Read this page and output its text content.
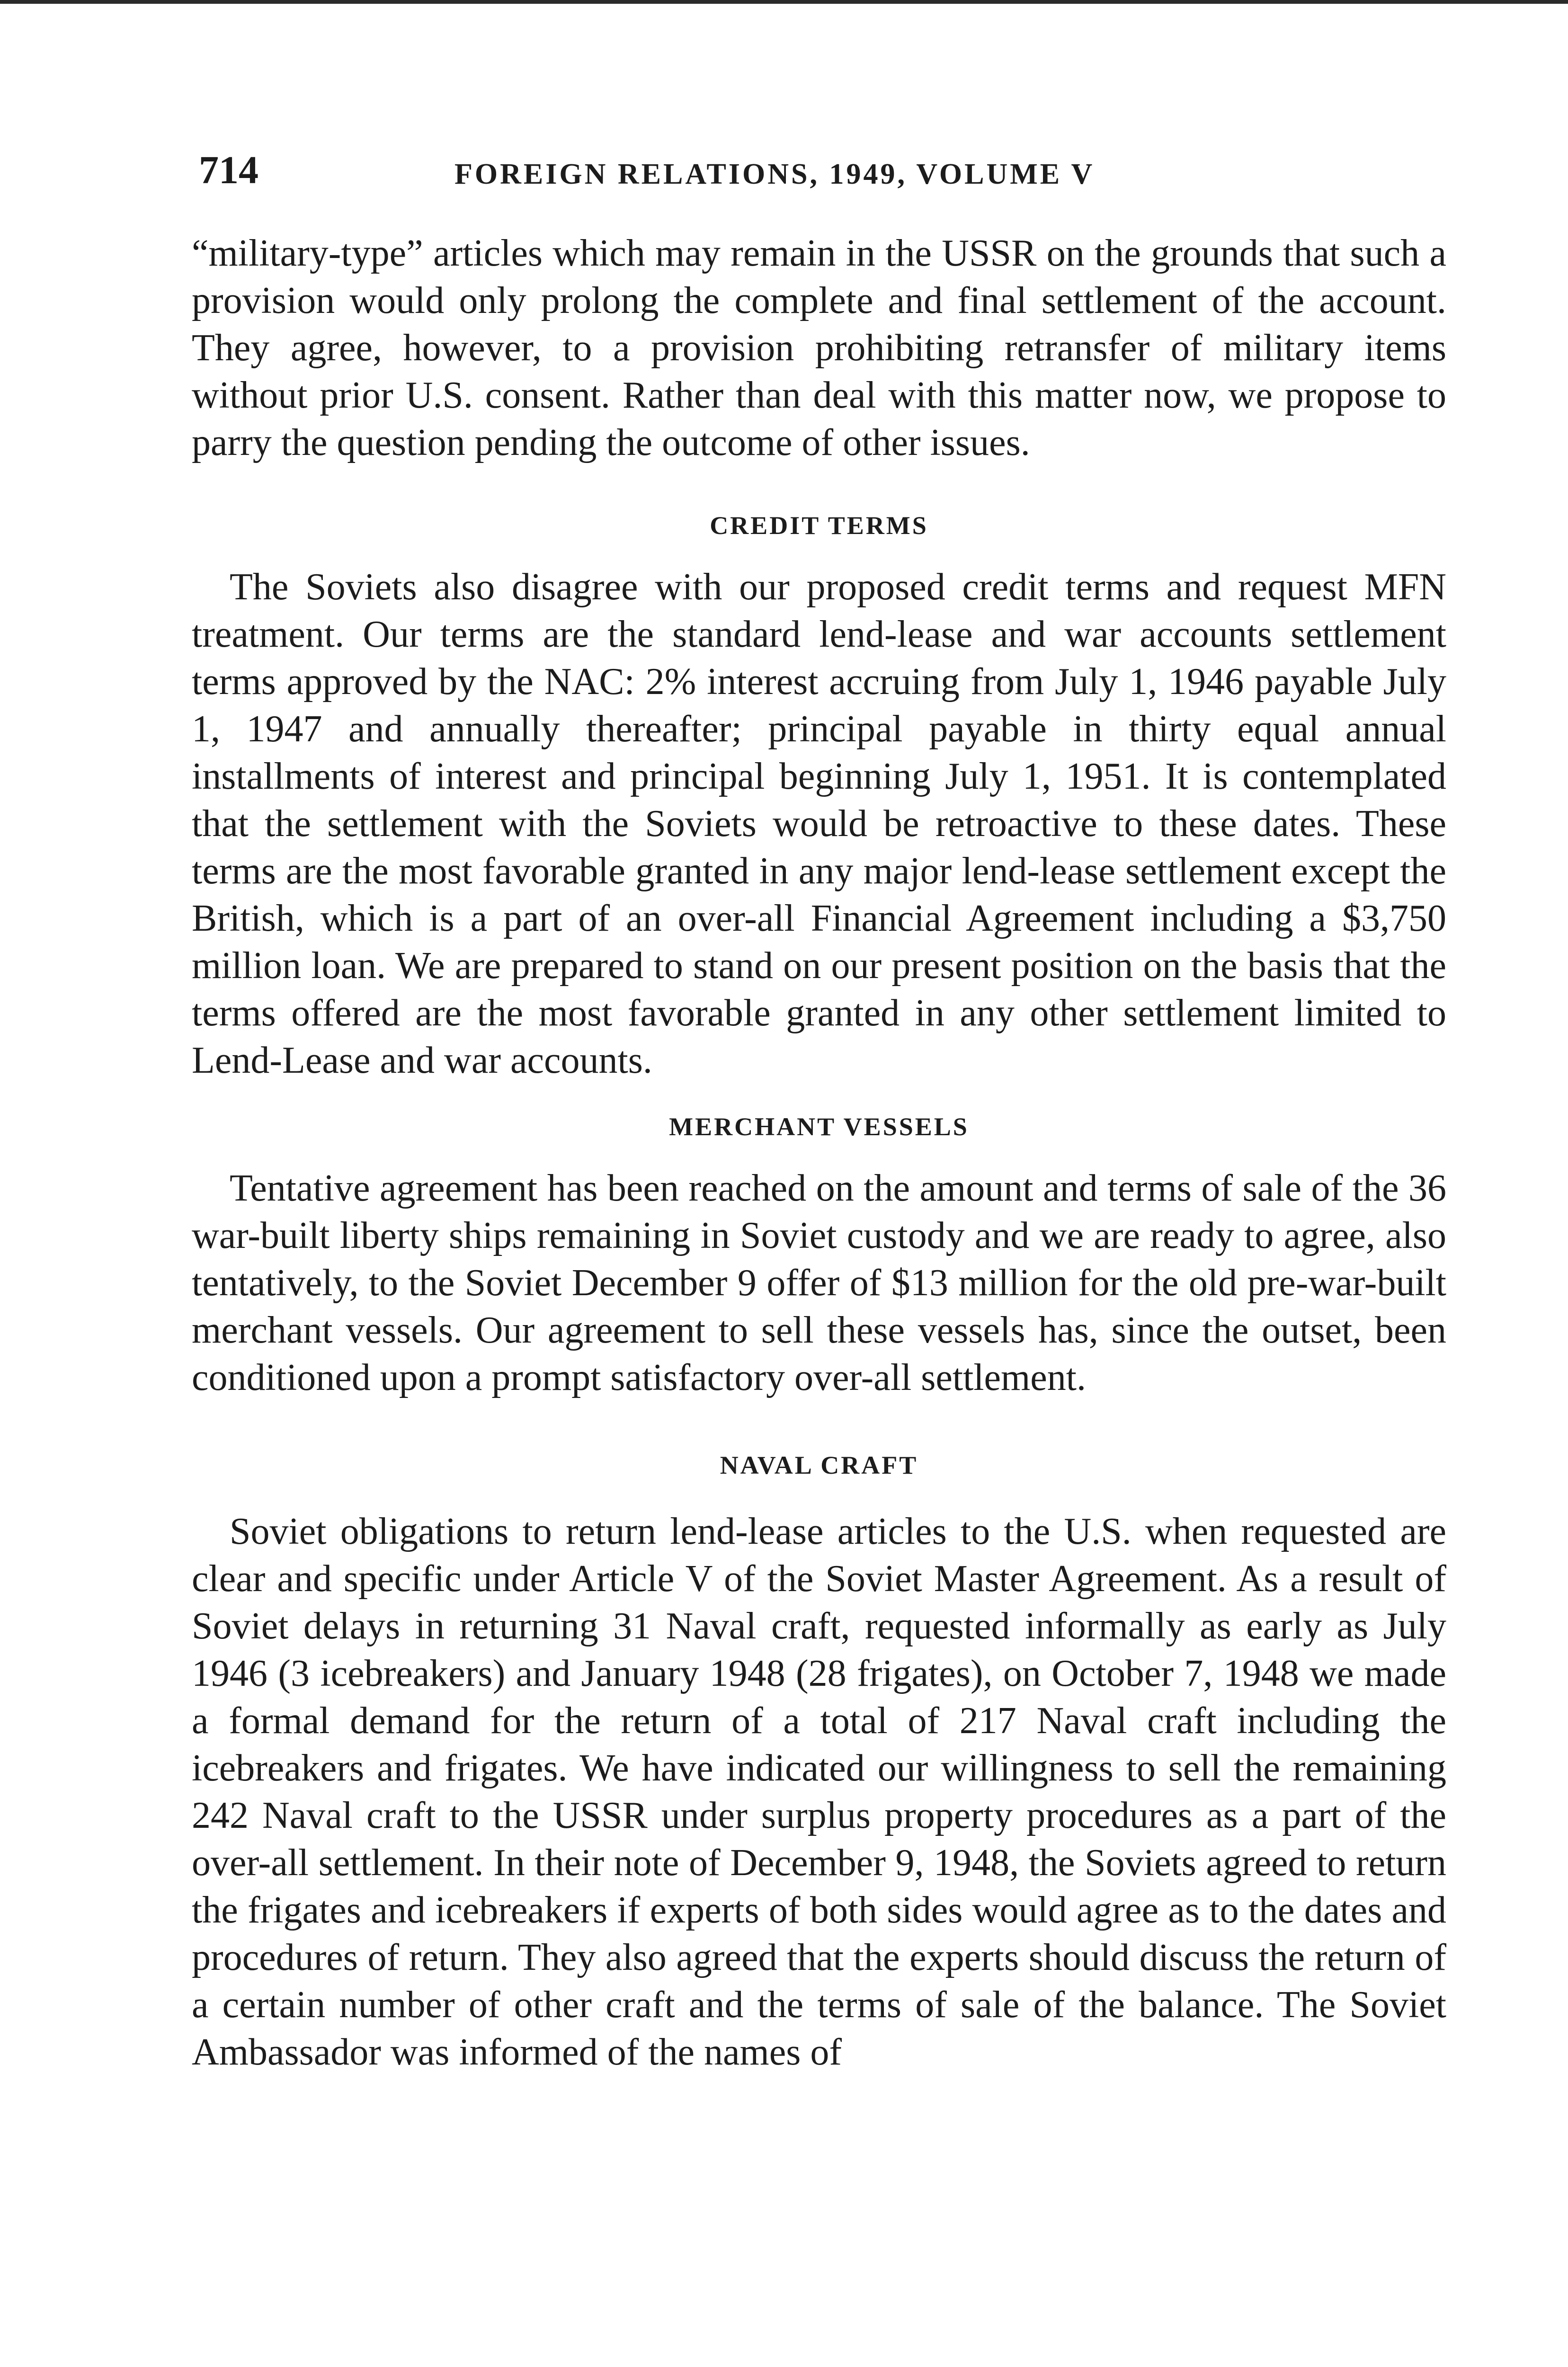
714	FOREIGN RELATIONS, 1949, VOLUME V

“military-type” articles which may remain in the USSR on the grounds that such a provision would only prolong the complete and final settlement of the account. They agree, however, to a provision prohibiting retransfer of military items without prior U.S. consent. Rather than deal with this matter now, we propose to parry the question pending the outcome of other issues.

CREDIT TERMS

The Soviets also disagree with our proposed credit terms and request MFN treatment. Our terms are the standard lend-lease and war accounts settlement terms approved by the NAC: 2% interest accruing from July 1, 1946 payable July 1, 1947 and annually thereafter; principal payable in thirty equal annual installments of interest and principal beginning July 1, 1951. It is contemplated that the settlement with the Soviets would be retroactive to these dates. These terms are the most favorable granted in any major lend-lease settlement except the British, which is a part of an over-all Financial Agreement including a $3,750 million loan. We are prepared to stand on our present position on the basis that the terms offered are the most favorable granted in any other settlement limited to Lend-Lease and war accounts.

MERCHANT VESSELS

Tentative agreement has been reached on the amount and terms of sale of the 36 war-built liberty ships remaining in Soviet custody and we are ready to agree, also tentatively, to the Soviet December 9 offer of $13 million for the old pre-war-built merchant vessels. Our agreement to sell these vessels has, since the outset, been conditioned upon a prompt satisfactory over-all settlement.

NAVAL CRAFT

Soviet obligations to return lend-lease articles to the U.S. when requested are clear and specific under Article V of the Soviet Master Agreement. As a result of Soviet delays in returning 31 Naval craft, requested informally as early as July 1946 (3 icebreakers) and January 1948 (28 frigates), on October 7, 1948 we made a formal demand for the return of a total of 217 Naval craft including the icebreakers and frigates. We have indicated our willingness to sell the remaining 242 Naval craft to the USSR under surplus property procedures as a part of the over-all settlement. In their note of December 9, 1948, the Soviets agreed to return the frigates and icebreakers if experts of both sides would agree as to the dates and procedures of return. They also agreed that the experts should discuss the return of a certain number of other craft and the terms of sale of the balance. The Soviet Ambassador was informed of the names of
